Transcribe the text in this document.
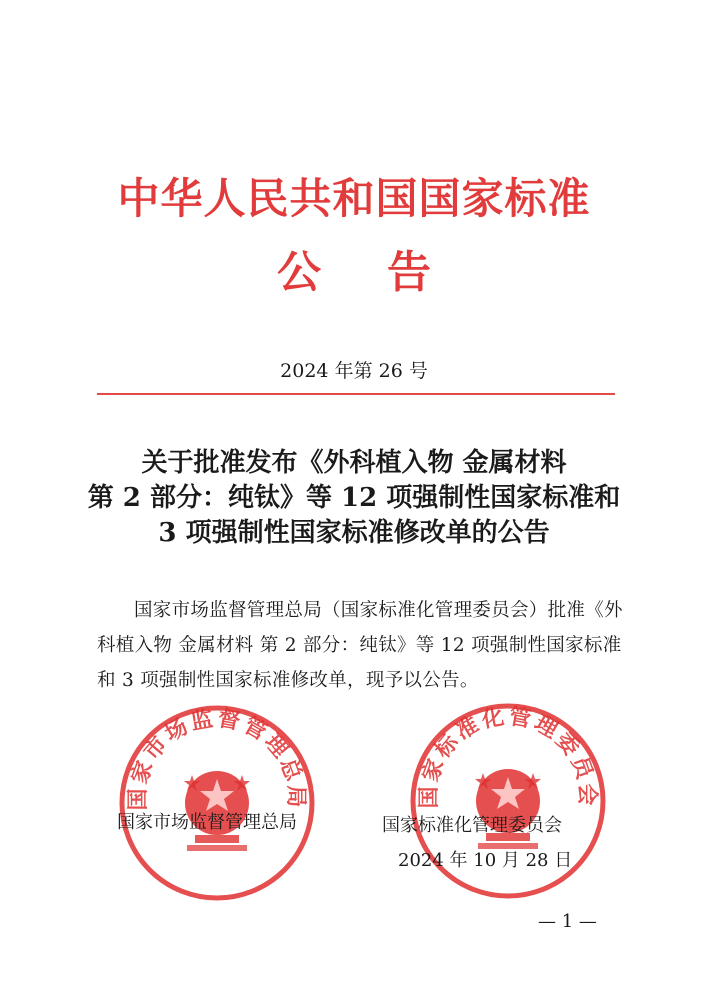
中华人民共和国国家标准
公告
2024 年第 26 号
关于批准发布《外科植入物 金属材料
第 2 部分：纯钛》等 12 项强制性国家标准和
3 项强制性国家标准修改单的公告

国家市场监督管理总局（国家标准化管理委员会）批准《外科植入物 金属材料 第 2 部分：纯钛》等 12 项强制性国家标准和 3 项强制性国家标准修改单，现予以公告。

国家市场监督管理总局	国家标准化管理委员会
国家市场监督管理总局	国家标准化管理委员会
2024 年 10 月 28 日
— 1 —
